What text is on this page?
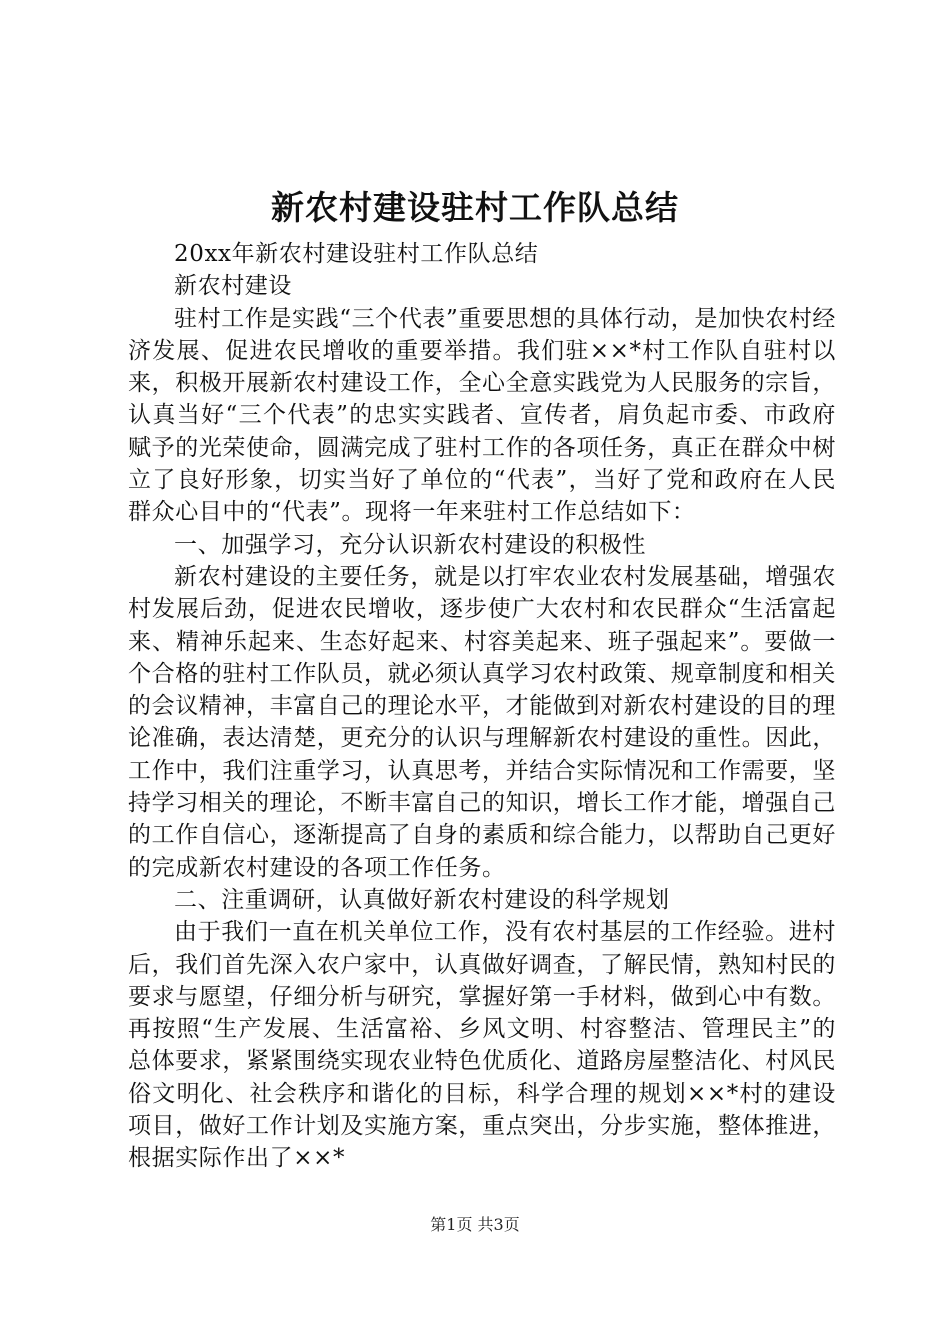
新农村建设驻村工作队总结

20xx年新农村建设驻村工作队总结

新农村建设

驻村工作是实践“三个代表”重要思想的具体行动，是加快农村经济发展、促进农民增收的重要举措。我们驻××*村工作队自驻村以来，积极开展新农村建设工作，全心全意实践党为人民服务的宗旨，认真当好“三个代表”的忠实实践者、宣传者，肩负起市委、市政府赋予的光荣使命，圆满完成了驻村工作的各项任务，真正在群众中树立了良好形象，切实当好了单位的“代表”，当好了党和政府在人民群众心目中的“代表”。现将一年来驻村工作总结如下：

一、加强学习，充分认识新农村建设的积极性

新农村建设的主要任务，就是以打牢农业农村发展基础，增强农村发展后劲，促进农民增收，逐步使广大农村和农民群众“生活富起来、精神乐起来、生态好起来、村容美起来、班子强起来”。要做一个合格的驻村工作队员，就必须认真学习农村政策、规章制度和相关的会议精神，丰富自己的理论水平，才能做到对新农村建设的目的理论准确，表达清楚，更充分的认识与理解新农村建设的重性。因此，工作中，我们注重学习，认真思考，并结合实际情况和工作需要，坚持学习相关的理论，不断丰富自己的知识，增长工作才能，增强自己的工作自信心，逐渐提高了自身的素质和综合能力，以帮助自己更好的完成新农村建设的各项工作任务。

二、注重调研，认真做好新农村建设的科学规划

由于我们一直在机关单位工作，没有农村基层的工作经验。进村后，我们首先深入农户家中，认真做好调查，了解民情，熟知村民的要求与愿望，仔细分析与研究，掌握好第一手材料，做到心中有数。再按照“生产发展、生活富裕、乡风文明、村容整洁、管理民主”的总体要求，紧紧围绕实现农业特色优质化、道路房屋整洁化、村风民俗文明化、社会秩序和谐化的目标，科学合理的规划××*村的建设项目，做好工作计划及实施方案，重点突出，分步实施，整体推进，根据实际作出了××*

第1页 共3页
